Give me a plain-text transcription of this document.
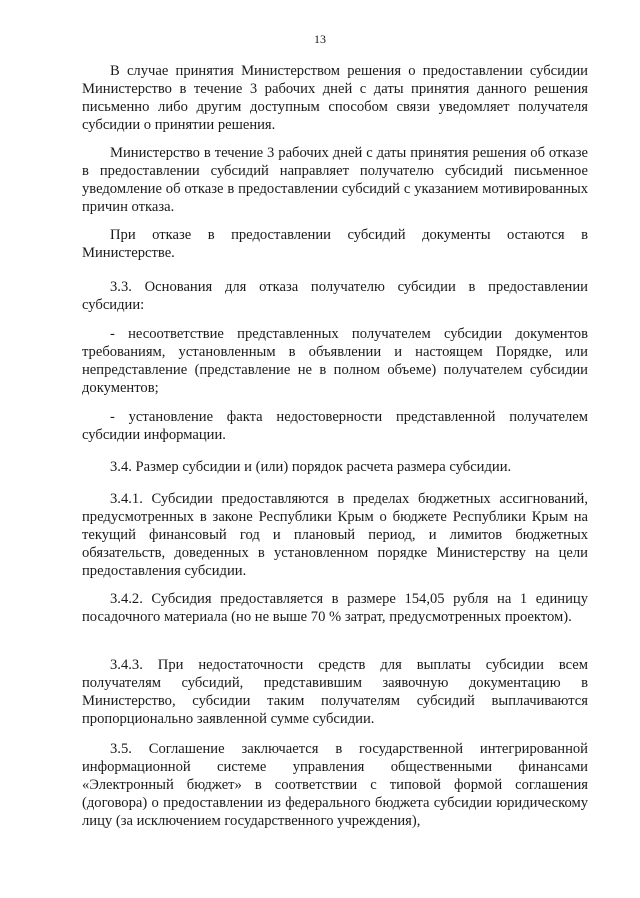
13

В случае принятия Министерством решения о предоставлении субсидии Министерство в течение 3 рабочих дней с даты принятия данного решения письменно либо другим доступным способом связи уведомляет получателя субсидии о принятии решения.

Министерство в течение 3 рабочих дней с даты принятия решения об отказе в предоставлении субсидий направляет получателю субсидий письменное уведомление об отказе в предоставлении субсидий с указанием мотивированных причин отказа.

При отказе в предоставлении субсидий документы остаются в Министерстве.

3.3. Основания для отказа получателю субсидии в предоставлении субсидии:

- несоответствие представленных получателем субсидии документов требованиям, установленным в объявлении и настоящем Порядке, или непредставление (представление не в полном объеме) получателем субсидии документов;

- установление факта недостоверности представленной получателем субсидии информации.

3.4. Размер субсидии и (или) порядок расчета размера субсидии.

3.4.1. Субсидии предоставляются в пределах бюджетных ассигнований, предусмотренных в законе Республики Крым о бюджете Республики Крым на текущий финансовый год и плановый период, и лимитов бюджетных обязательств, доведенных в установленном порядке Министерству на цели предоставления субсидии.

3.4.2. Субсидия предоставляется в размере 154,05 рубля на 1 единицу посадочного материала (но не выше 70 % затрат, предусмотренных проектом).

3.4.3. При недостаточности средств для выплаты субсидии всем получателям субсидий, представившим заявочную документацию в Министерство, субсидии таким получателям субсидий выплачиваются пропорционально заявленной сумме субсидии.

3.5. Соглашение заключается в государственной интегрированной информационной системе управления общественными финансами «Электронный бюджет» в соответствии с типовой формой соглашения (договора) о предоставлении из федерального бюджета субсидии юридическому лицу (за исключением государственного учреждения),
